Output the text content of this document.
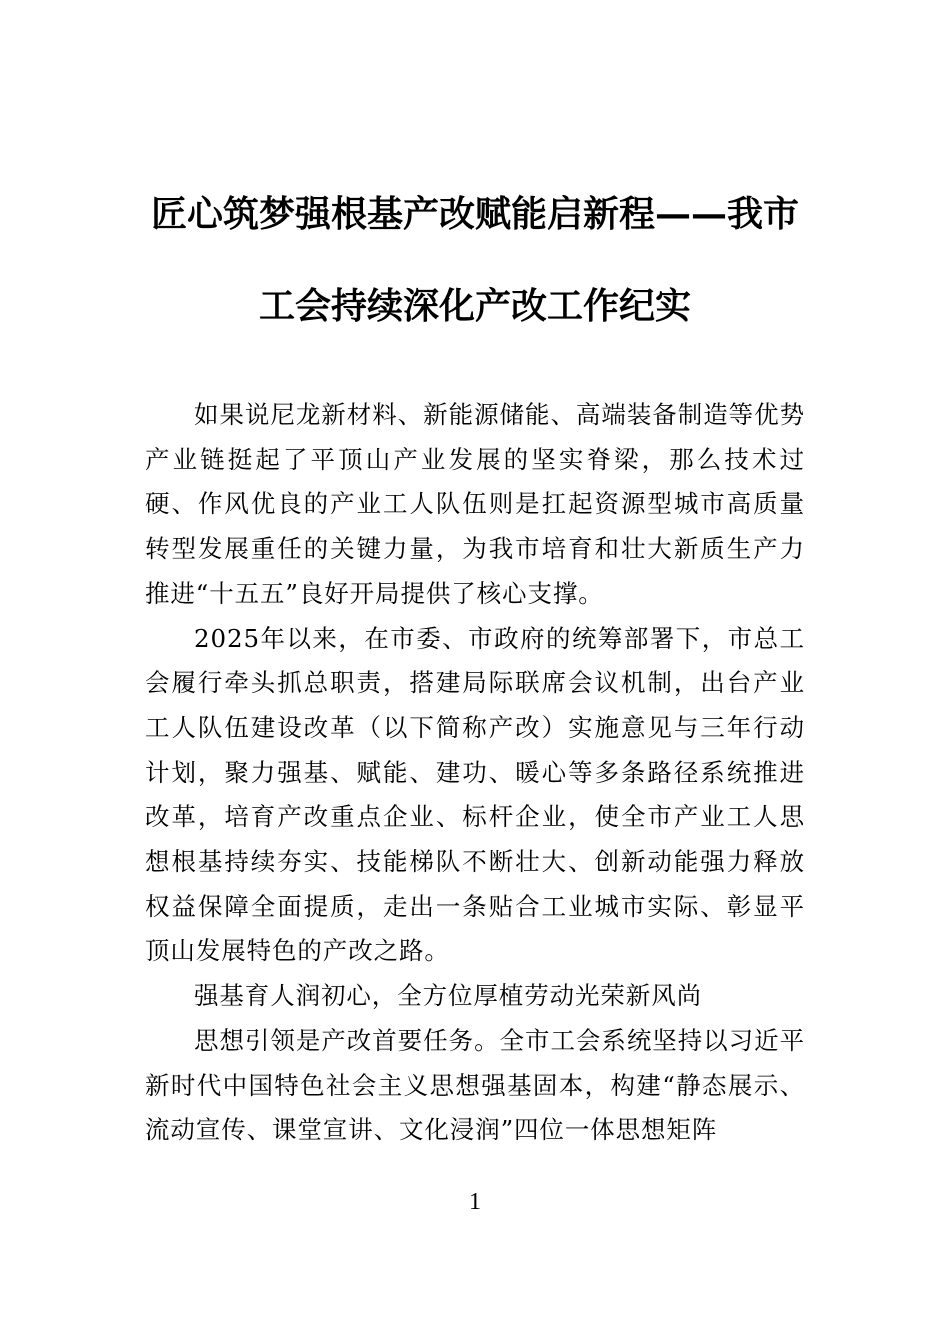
匠心筑梦强根基产改赋能启新程——我市
工会持续深化产改工作纪实

如果说尼龙新材料、新能源储能、高端装备制造等优势产业链挺起了平顶山产业发展的坚实脊梁，那么技术过硬、作风优良的产业工人队伍则是扛起资源型城市高质量转型发展重任的关键力量，为我市培育和壮大新质生产力推进“十五五”良好开局提供了核心支撑。

2025年以来，在市委、市政府的统筹部署下，市总工会履行牵头抓总职责，搭建局际联席会议机制，出台产业工人队伍建设改革（以下简称产改）实施意见与三年行动计划，聚力强基、赋能、建功、暖心等多条路径系统推进改革，培育产改重点企业、标杆企业，使全市产业工人思想根基持续夯实、技能梯队不断壮大、创新动能强力释放权益保障全面提质，走出一条贴合工业城市实际、彰显平顶山发展特色的产改之路。

强基育人润初心，全方位厚植劳动光荣新风尚

思想引领是产改首要任务。全市工会系统坚持以习近平新时代中国特色社会主义思想强基固本，构建“静态展示、流动宣传、课堂宣讲、文化浸润”四位一体思想矩阵

1
